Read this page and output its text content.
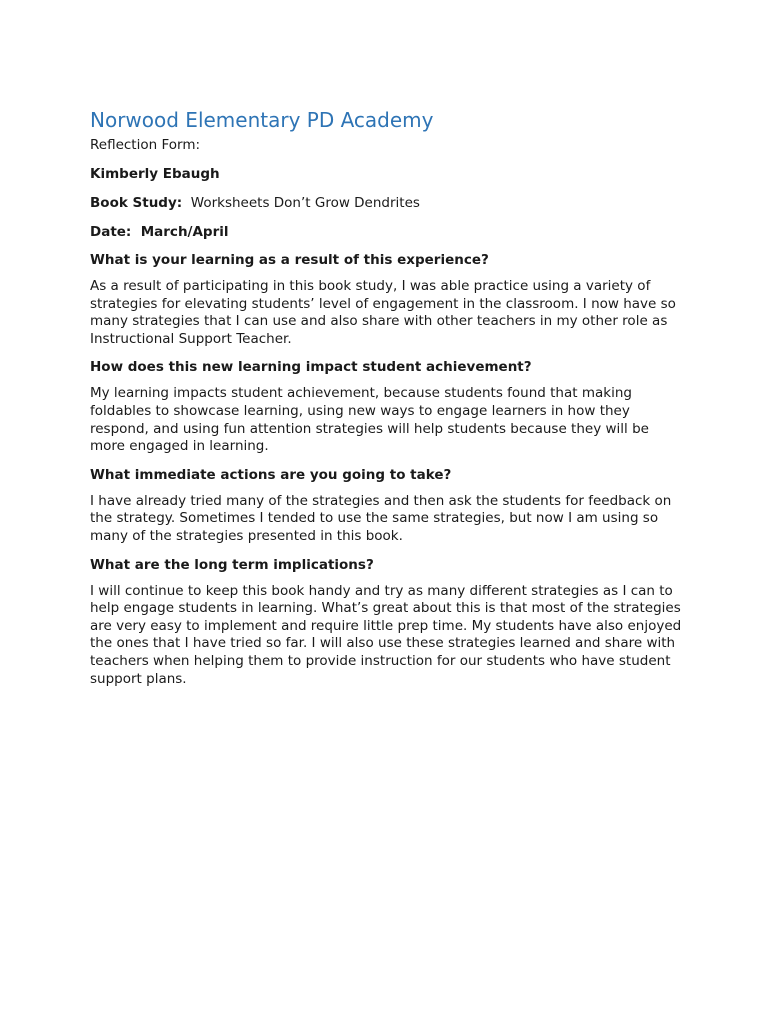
Norwood Elementary PD Academy

Reflection Form:

Kimberly Ebaugh

Book Study: Worksheets Don’t Grow Dendrites

Date: March/April

What is your learning as a result of this experience?

As a result of participating in this book study, I was able practice using a variety of strategies for elevating students’ level of engagement in the classroom. I now have so many strategies that I can use and also share with other teachers in my other role as Instructional Support Teacher.

How does this new learning impact student achievement?

My learning impacts student achievement, because students found that making foldables to showcase learning, using new ways to engage learners in how they respond, and using fun attention strategies will help students because they will be more engaged in learning.

What immediate actions are you going to take?

I have already tried many of the strategies and then ask the students for feedback on the strategy. Sometimes I tended to use the same strategies, but now I am using so many of the strategies presented in this book.

What are the long term implications?

I will continue to keep this book handy and try as many different strategies as I can to help engage students in learning. What’s great about this is that most of the strategies are very easy to implement and require little prep time. My students have also enjoyed the ones that I have tried so far. I will also use these strategies learned and share with teachers when helping them to provide instruction for our students who have student support plans.
